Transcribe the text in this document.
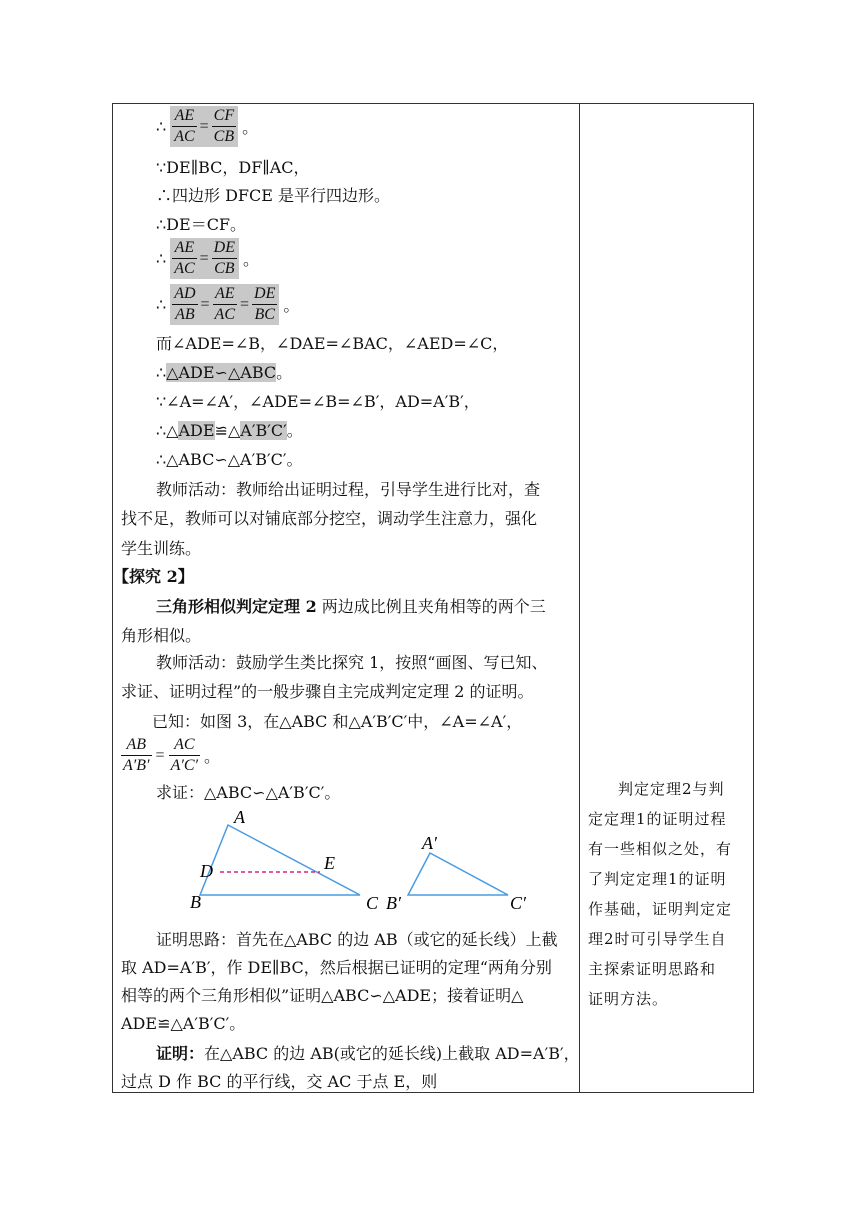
∴ $\frac{AE}{AC} = \frac{CF}{CB}$ 。
∵DE∥BC，DF∥AC，
∴四边形 DFCE 是平行四边形。
∴DE＝CF。
∴ $\frac{AE}{AC} = \frac{DE}{CB}$ 。
∴ $\frac{AD}{AB} = \frac{AE}{AC} = \frac{DE}{BC}$ 。
而∠ADE=∠B，∠DAE=∠BAC，∠AED=∠C，
∴△ADE∽△ABC。
∵∠A=∠A′，∠ADE=∠B=∠B′，AD=A′B′，
∴△ADE≌△A′B′C′。
∴△ABC∽△A′B′C′。
教师活动：教师给出证明过程，引导学生进行比对，查
找不足，教师可以对铺底部分挖空，调动学生注意力，强化
学生训练。
【探究 2】
三角形相似判定定理 2 两边成比例且夹角相等的两个三
角形相似。
教师活动：鼓励学生类比探究 1，按照“画图、写已知、
求证、证明过程”的一般步骤自主完成判定定理 2 的证明。
已知：如图 3，在△ABC 和△A′B′C′中，∠A=∠A′，
$\frac{AB}{A'B'} = \frac{AC}{A'C'}$ 。
求证：△ABC∽△A′B′C′。
A
D	E
B	C
A′
B′	C′
证明思路：首先在△ABC 的边 AB（或它的延长线）上截
取 AD=A′B′，作 DE∥BC，然后根据已证明的定理“两角分别
相等的两个三角形相似”证明△ABC∽△ADE；接着证明△
ADE≌△A′B′C′。
证明：在△ABC 的边 AB(或它的延长线)上截取 AD=A′B′，
过点 D 作 BC 的平行线，交 AC 于点 E，则
判定定理2与判
定定理1的证明过程
有一些相似之处，有
了判定定理1的证明
作基础，证明判定定
理2时可引导学生自
主探索证明思路和
证明方法。
